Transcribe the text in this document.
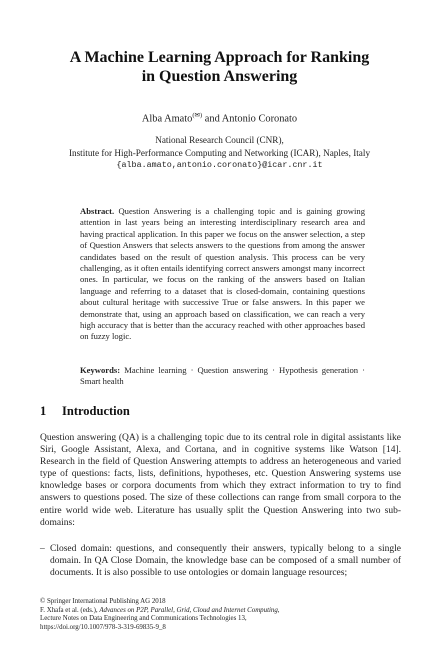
A Machine Learning Approach for Ranking
in Question Answering
Alba Amato(✉) and Antonio Coronato
National Research Council (CNR),
Institute for High-Performance Computing and Networking (ICAR), Naples, Italy
{alba.amato,antonio.coronato}@icar.cnr.it
Abstract. Question Answering is a challenging topic and is gaining growing attention in last years being an interesting interdisciplinary research area and having practical application. In this paper we focus on the answer selection, a step of Question Answers that selects answers to the questions from among the answer candidates based on the result of question analysis. This process can be very challenging, as it often entails identifying correct answers amongst many incorrect ones. In particular, we focus on the ranking of the answers based on Italian language and referring to a dataset that is closed-domain, containing questions about cultural heritage with successive True or false answers. In this paper we demonstrate that, using an approach based on classification, we can reach a very high accuracy that is better than the accuracy reached with other approaches based on fuzzy logic.
Keywords: Machine learning · Question answering · Hypothesis generation · Smart health
1 Introduction
Question answering (QA) is a challenging topic due to its central role in digital assistants like Siri, Google Assistant, Alexa, and Cortana, and in cognitive systems like Watson [14]. Research in the field of Question Answering attempts to address an heterogeneous and varied type of questions: facts, lists, definitions, hypotheses, etc. Question Answering systems use knowledge bases or corpora documents from which they extract information to try to find answers to questions posed. The size of these collections can range from small corpora to the entire world wide web. Literature has usually split the Question Answering into two sub-domains:
– Closed domain: questions, and consequently their answers, typically belong to a single domain. In QA Close Domain, the knowledge base can be composed of a small number of documents. It is also possible to use ontologies or domain language resources;
© Springer International Publishing AG 2018
F. Xhafa et al. (eds.), Advances on P2P, Parallel, Grid, Cloud and Internet Computing,
Lecture Notes on Data Engineering and Communications Technologies 13,
https://doi.org/10.1007/978-3-319-69835-9_8
